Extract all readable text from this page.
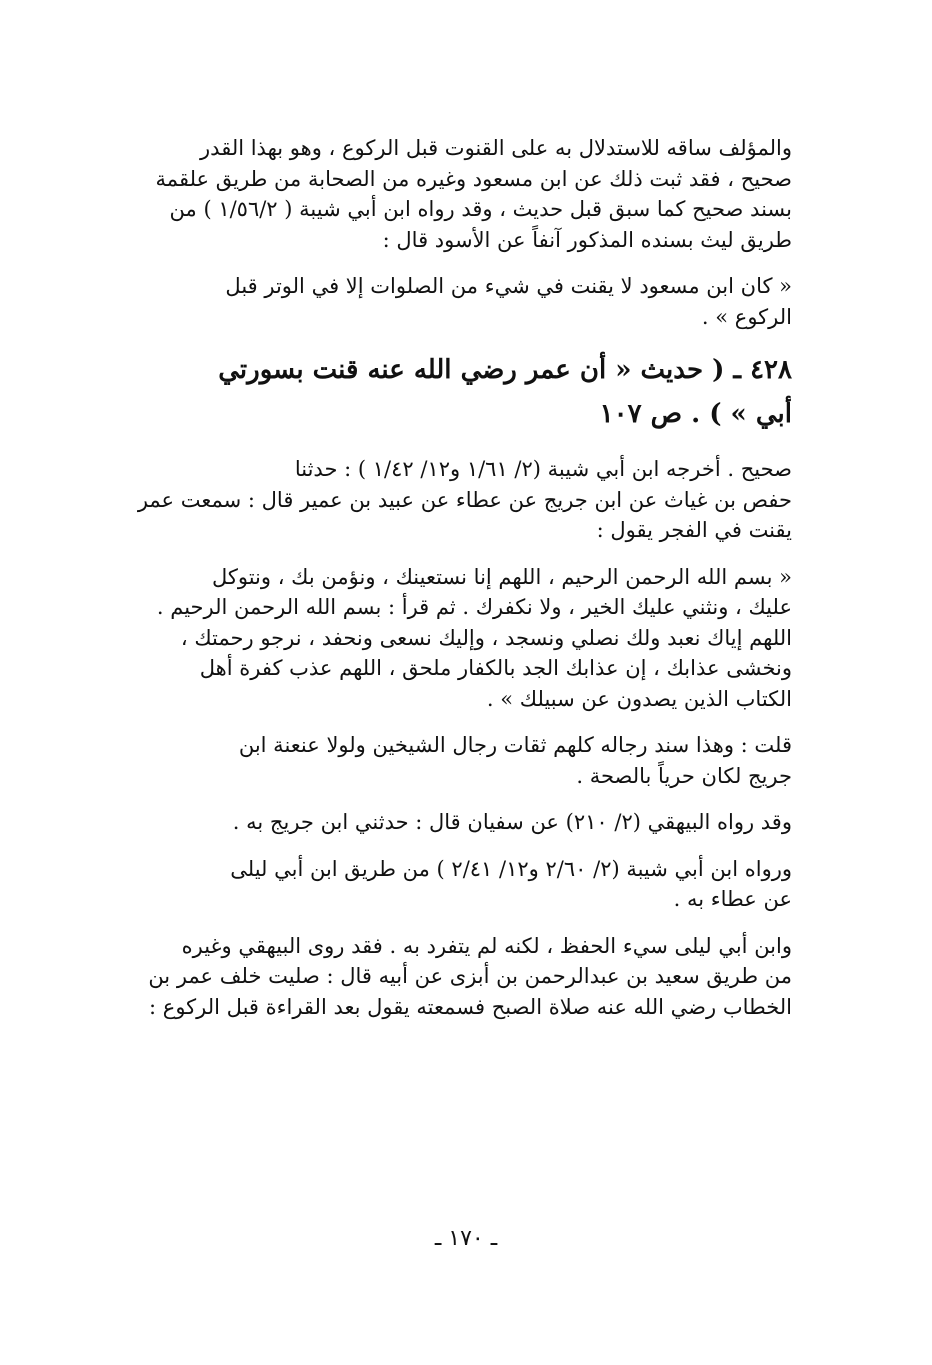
والمؤلف ساقه للاستدلال به على القنوت قبل الركوع ، وهو بهذا القدر
صحيح ، فقد ثبت ذلك عن ابن مسعود وغيره من الصحابة من طريق علقمة
بسند صحيح كما سبق قبل حديث ، وقد رواه ابن أبي شيبة ( ١/٥٦/٢ ) من
طريق ليث بسنده المذكور آنفاً عن الأسود قال :

« كان ابن مسعود لا يقنت في شيء من الصلوات إلا في الوتر قبل
الركوع » .

٤٢٨ ـ ( حديث « أن عمر رضي الله عنه قنت بسورتي
أبي » ) . ص ١٠٧

صحيح . أخرجه ابن أبي شيبة (٢/ ١/٦١ و١٢/ ١/٤٢ ) : حدثنا
حفص بن غياث عن ابن جريج عن عطاء عن عبيد بن عمير قال : سمعت عمر
يقنت في الفجر يقول :

« بسم الله الرحمن الرحيم ، اللهم إنا نستعينك ، ونؤمن بك ، ونتوكل
عليك ، ونثني عليك الخير ، ولا نكفرك . ثم قرأ : بسم الله الرحمن الرحيم .
اللهم إياك نعبد ولك نصلي ونسجد ، وإليك نسعى ونحفد ، نرجو رحمتك ،
ونخشى عذابك ، إن عذابك الجد بالكفار ملحق ، اللهم عذب كفرة أهل
الكتاب الذين يصدون عن سبيلك » .

قلت : وهذا سند رجاله كلهم ثقات رجال الشيخين ولولا عنعنة ابن
جريج لكان حرياً بالصحة .

وقد رواه البيهقي (٢/ ٢١٠) عن سفيان قال : حدثني ابن جريج به .

ورواه ابن أبي شيبة (٢/ ٢/٦٠ و١٢/ ٢/٤١ ) من طريق ابن أبي ليلى
عن عطاء به .

وابن أبي ليلى سيء الحفظ ، لكنه لم يتفرد به . فقد روى البيهقي وغيره
من طريق سعيد بن عبدالرحمن بن أبزى عن أبيه قال : صليت خلف عمر بن
الخطاب رضي الله عنه صلاة الصبح فسمعته يقول بعد القراءة قبل الركوع :

ـ ١٧٠ ـ
